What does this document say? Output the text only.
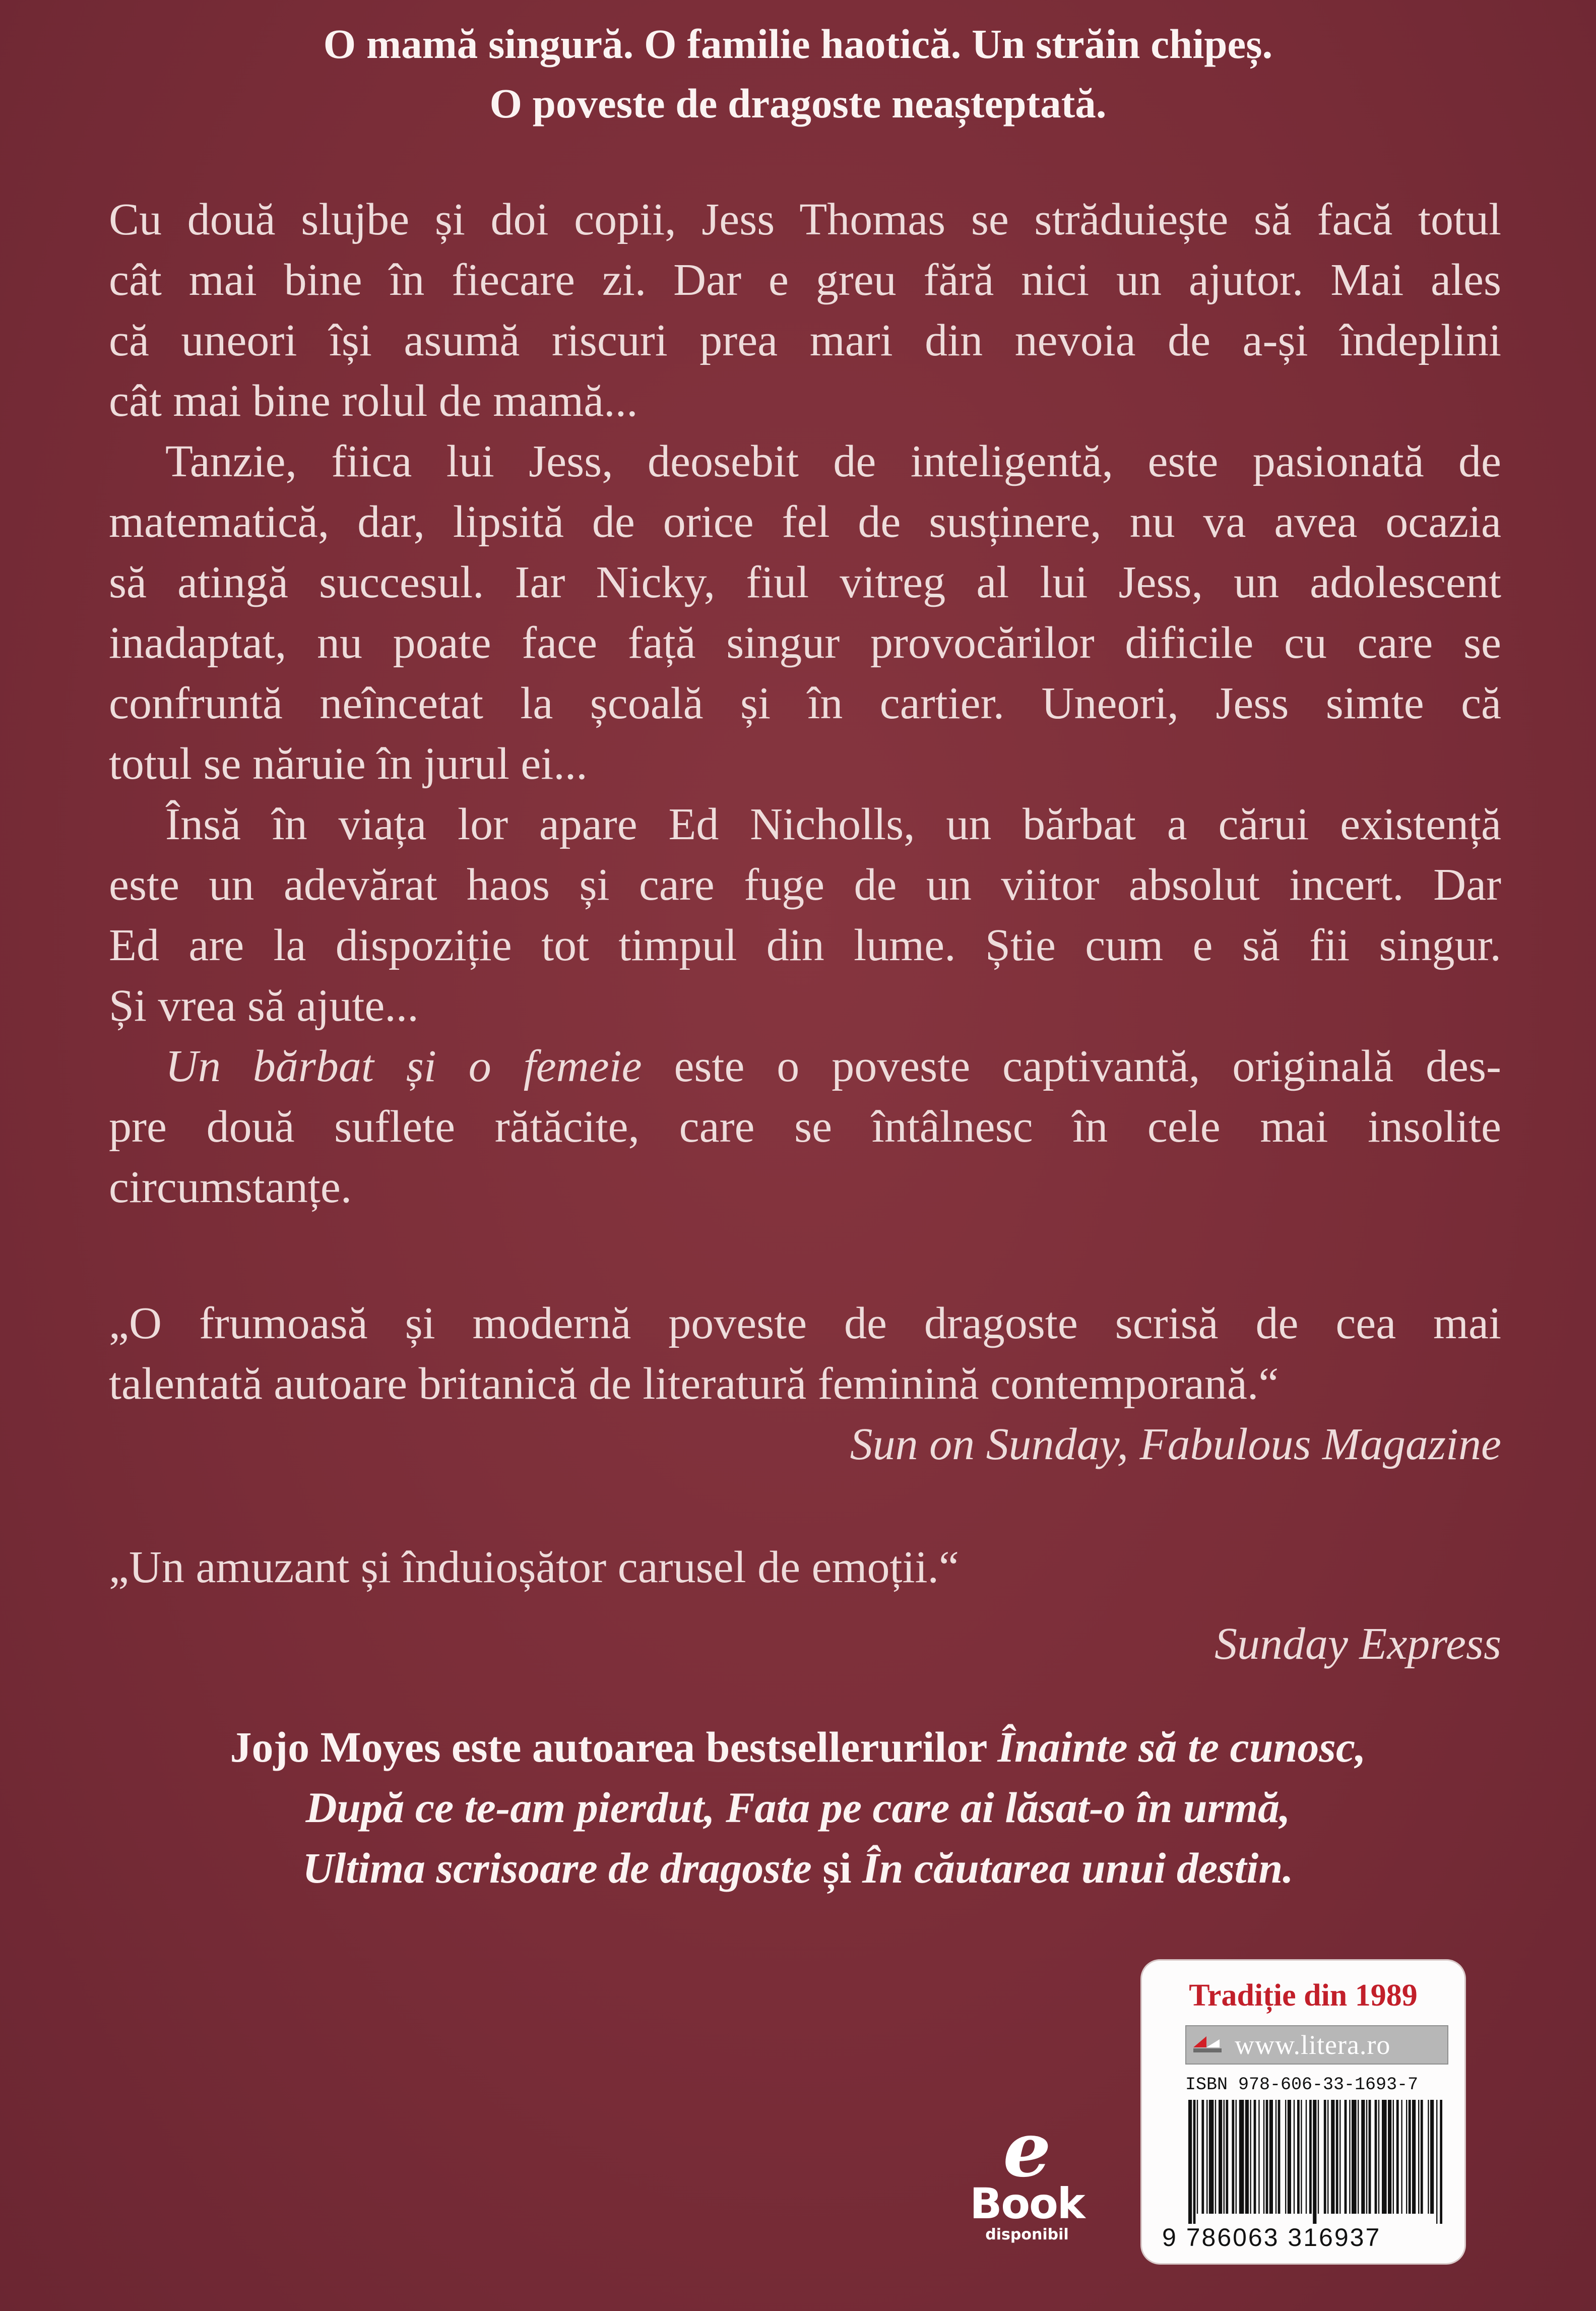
O mamă singură. O familie haotică. Un străin chipeș.
O poveste de dragoste neașteptată.

Cu două slujbe și doi copii, Jess Thomas se străduiește să facă totul
cât mai bine în fiecare zi. Dar e greu fără nici un ajutor. Mai ales
că uneori își asumă riscuri prea mari din nevoia de a-și îndeplini
cât mai bine rolul de mamă...

Tanzie, fiica lui Jess, deosebit de inteligentă, este pasionată de
matematică, dar, lipsită de orice fel de susținere, nu va avea ocazia
să atingă succesul. Iar Nicky, fiul vitreg al lui Jess, un adolescent
inadaptat, nu poate face față singur provocărilor dificile cu care se
confruntă neîncetat la școală și în cartier. Uneori, Jess simte că
totul se năruie în jurul ei...

Însă în viața lor apare Ed Nicholls, un bărbat a cărui existență
este un adevărat haos și care fuge de un viitor absolut incert. Dar
Ed are la dispoziție tot timpul din lume. Știe cum e să fii singur.
Și vrea să ajute...

Un bărbat și o femeie este o poveste captivantă, originală des-
pre două suflete rătăcite, care se întâlnesc în cele mai insolite
circumstanțe.

„O frumoasă și modernă poveste de dragoste scrisă de cea mai
talentată autoare britanică de literatură feminină contemporană.“
Sun on Sunday, Fabulous Magazine
„Un amuzant și înduioșător carusel de emoții.“
Sunday Express
Jojo Moyes este autoarea bestsellerurilor Înainte să te cunosc,
După ce te-am pierdut, Fata pe care ai lăsat-o în urmă,
Ultima scrisoare de dragoste și În căutarea unui destin.
e
Book
disponibil
Tradiție din 1989
www.litera.ro
ISBN 978-606-33-1693-7
9 786063 316937
